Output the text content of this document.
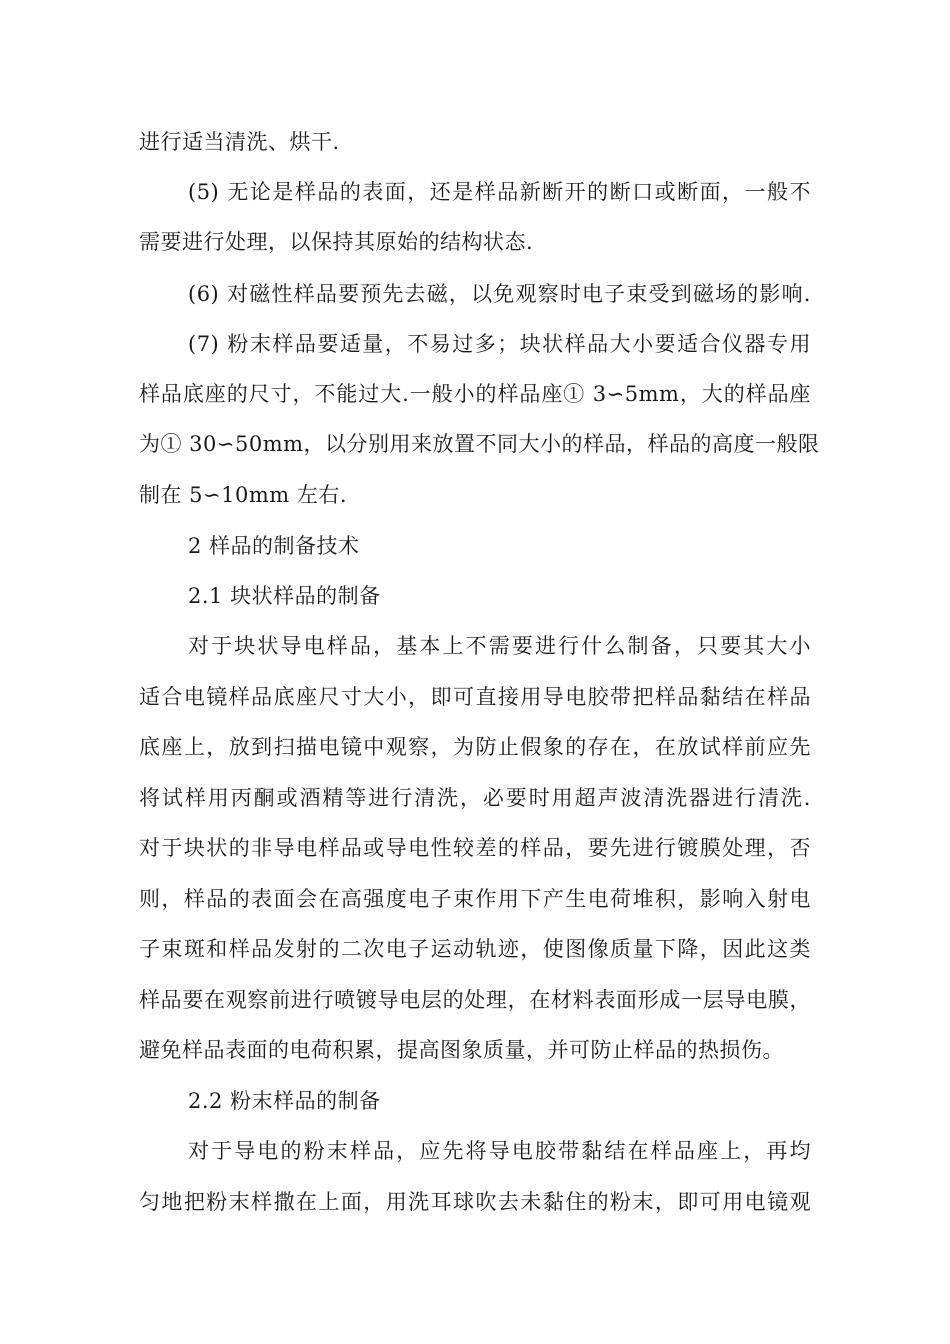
进行适当清洗、烘干.
(5) 无论是样品的表面，还是样品新断开的断口或断面，一般不
需要进行处理，以保持其原始的结构状态.
(6) 对磁性样品要预先去磁，以免观察时电子束受到磁场的影响.
(7) 粉末样品要适量，不易过多；块状样品大小要适合仪器专用
样品底座的尺寸，不能过大.一般小的样品座① 3∽5mm，大的样品座
为① 30∽50mm，以分别用来放置不同大小的样品，样品的高度一般限
制在 5∽10mm 左右.
2 样品的制备技术
2.1 块状样品的制备
对于块状导电样品，基本上不需要进行什么制备，只要其大小
适合电镜样品底座尺寸大小，即可直接用导电胶带把样品黏结在样品
底座上，放到扫描电镜中观察，为防止假象的存在，在放试样前应先
将试样用丙酮或酒精等进行清洗，必要时用超声波清洗器进行清洗.
对于块状的非导电样品或导电性较差的样品，要先进行镀膜处理，否
则，样品的表面会在高强度电子束作用下产生电荷堆积，影响入射电
子束斑和样品发射的二次电子运动轨迹，使图像质量下降，因此这类
样品要在观察前进行喷镀导电层的处理，在材料表面形成一层导电膜，
避免样品表面的电荷积累，提高图象质量，并可防止样品的热损伤。
2.2 粉末样品的制备
对于导电的粉末样品，应先将导电胶带黏结在样品座上，再均
匀地把粉末样撒在上面，用洗耳球吹去未黏住的粉末，即可用电镜观
